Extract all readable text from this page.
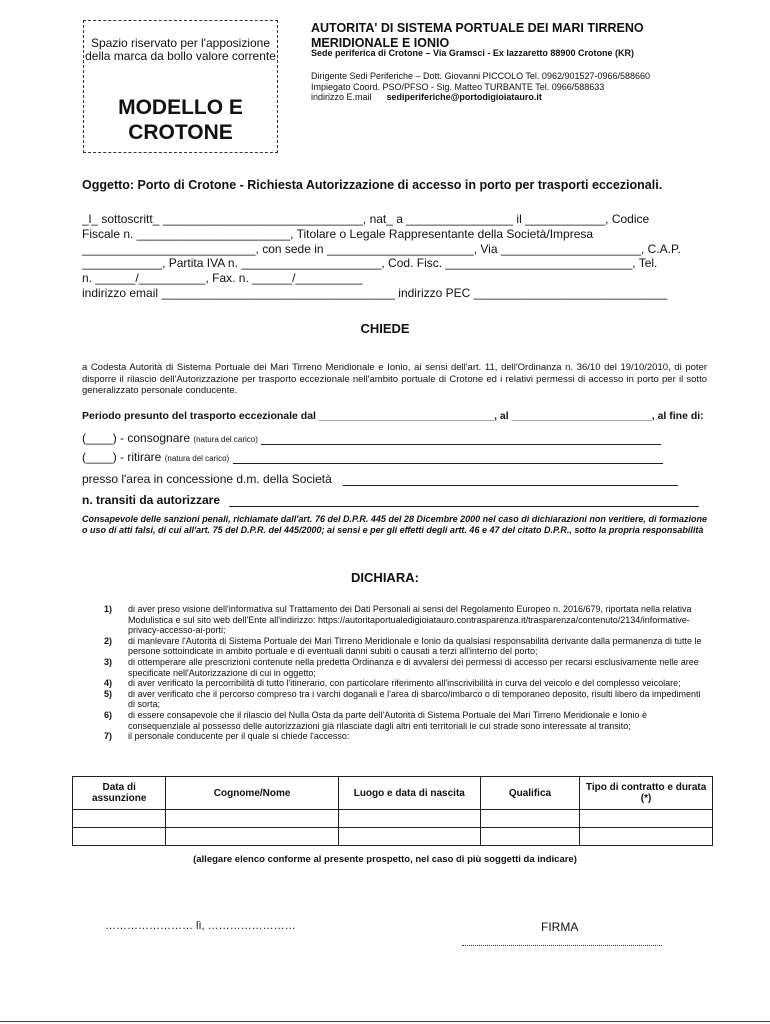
Spazio riservato per l'apposizione della marca da bollo valore corrente
MODELLO E
CROTONE
AUTORITA' DI SISTEMA PORTUALE DEI MARI TIRRENO
MERIDIONALE E IONIO
Sede periferica di Crotone – Via Gramsci - Ex lazzaretto 88900 Crotone (KR)
Dirigente Sedi Periferiche – Dott. Giovanni PICCOLO Tel. 0962/901527-0966/588660
Impiegato Coord. PSO/PFSO - Sig. Matteo TURBANTE Tel. 0966/588633
indirizzo E.mail sediperiferiche@portodigioiatauro.it
Oggetto: Porto di Crotone - Richiesta Autorizzazione di accesso in porto per trasporti eccezionali.
_l_ sottoscritt_ ______________________________, nat_ a ________________ il ____________, Codice
Fiscale n. _______________________, Titolare o Legale Rappresentante della Società/Impresa
__________________________, con sede in ______________________, Via _____________________, C.A.P.
____________, Partita IVA n. _____________________, Cod. Fisc. ____________________________, Tel.
n. ______/__________, Fax. n. ______/__________
indirizzo email ___________________________________ indirizzo PEC _____________________________
CHIEDE
a Codesta Autorità di Sistema Portuale dei Mari Tirreno Meridionale e Ionio, ai sensi dell'art. 11, dell'Ordinanza n. 36/10 del 19/10/2010, di poter disporre il rilascio dell'Autorizzazione per trasporto eccezionale nell'ambito portuale di Crotone ed i relativi permessi di accesso in porto per il sotto generalizzato personale conducente.
Periodo presunto del trasporto eccezionale dal ______________________________, al ________________________, al fine di:
(____) - consognare (natura del carico)
(____) - ritirare (natura del carico)
presso l'area in concessione d.m. della Società
n. transiti da autorizzare
Consapevole delle sanzioni penali, richiamate dall'art. 76 del D.P.R. 445 del 28 Dicembre 2000 nel caso di dichiarazioni non veritiere, di formazione o uso di atti falsi, di cui all'art. 75 del D.P.R. del 445/2000; ai sensi e per gli effetti degli artt. 46 e 47 del citato D.P.R., sotto la propria responsabilità
DICHIARA:
1) di aver preso visione dell'informativa sul Trattamento dei Dati Personali ai sensi del Regolamento Europeo n. 2016/679, riportata nella relativa Modulistica e sul sito web dell'Ente all'indirizzo: https://autoritaportualedigioiatauro.contrasparenza.it/trasparenza/contenuto/2134/informative-privacy-accesso-ai-porti;
2) di manlevare l'Autorità di Sistema Portuale dei Mari Tirreno Meridionale e Ionio da qualsiasi responsabilità derivante dalla permanenza di tutte le persone sottoindicate in ambito portuale e di eventuali danni subiti o causati a terzi all'interno del porto;
3) di ottemperare alle prescrizioni contenute nella predetta Ordinanza e di avvalersi dei permessi di accesso per recarsi esclusivamente nelle aree specificate nell'Autorizzazione di cui in oggetto;
4) di aver verificato la percorribilità di tutto l'itinerario, con particolare riferimento all'inscrivibilità in curva del veicolo e del complesso veicolare;
5) di aver verificato che il percorso compreso tra i varchi doganali e l'area di sbarco/imbarco o di temporaneo deposito, risulti libero da impedimenti di sorta;
6) di essere consapevole che il rilascio del Nulla Osta da parte dell'Autorità di Sistema Portuale dei Mari Tirreno Meridionale e Ionio è consequenziale al possesso delle autorizzazioni già rilasciate dagli altri enti territoriali le cui strade sono interessate al transito;
7) il personale conducente per il quale si chiede l'accesso:
Data di assunzione	Cognome/Nome	Luogo e data di nascita	Qualifica	Tipo di contratto e durata (*)

(allegare elenco conforme al presente prospetto, nel caso di più soggetti da indicare)
…………………… lì, ……………………	FIRMA
